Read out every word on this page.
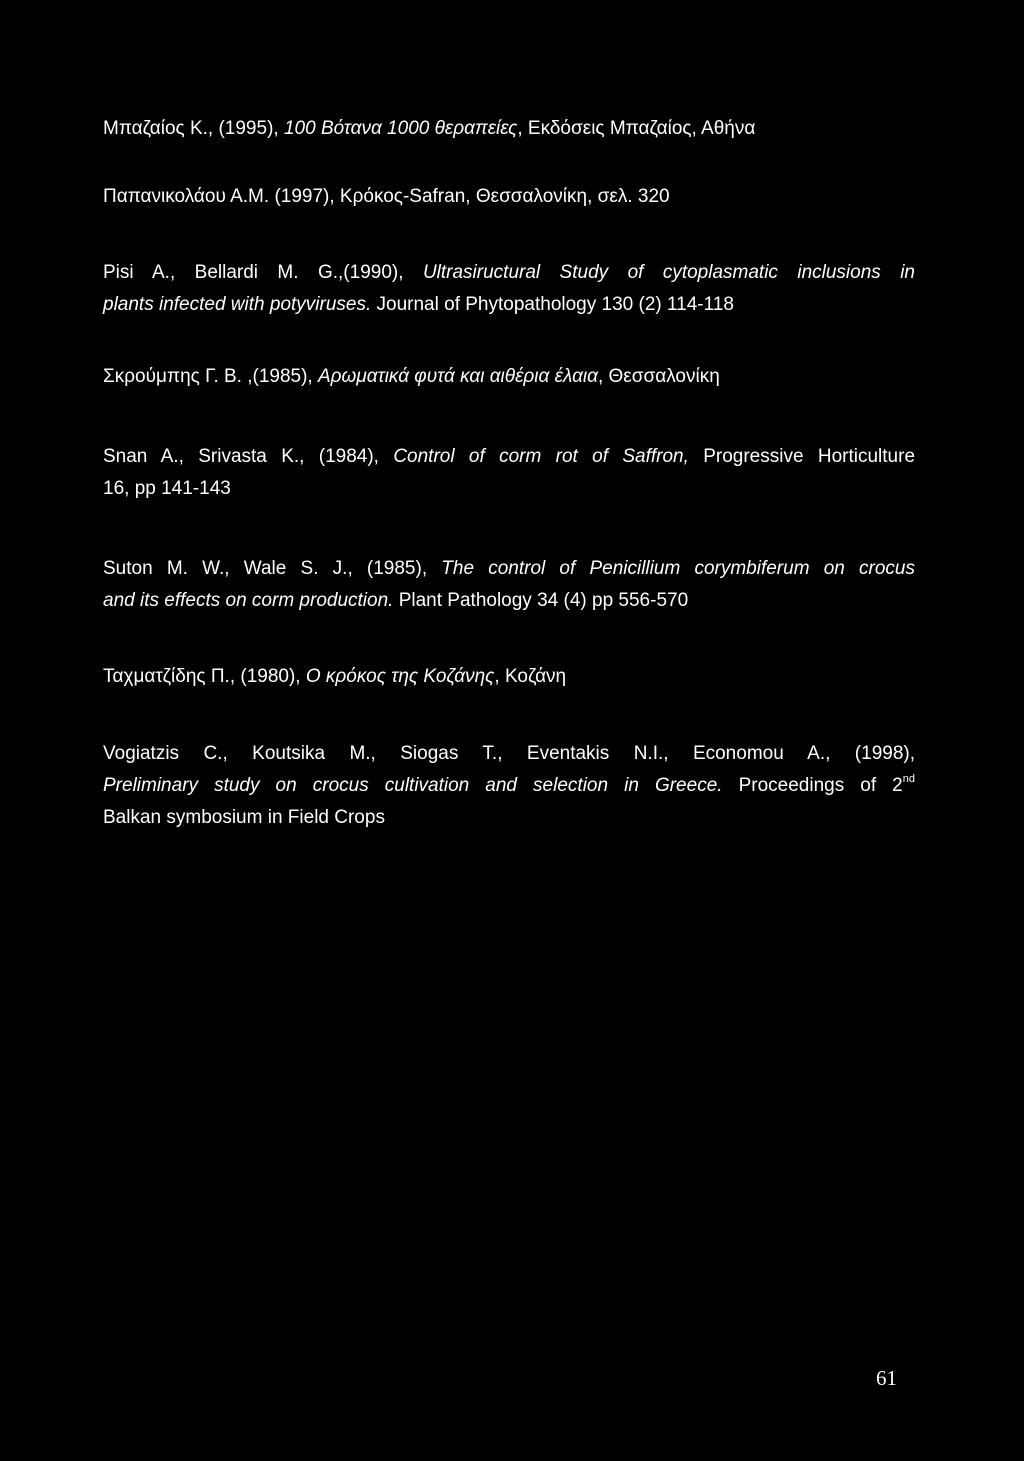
Μπαζαίος Κ., (1995), 100 Βότανα 1000 θεραπείες, Εκδόσεις Μπαζαίος, Αθήνα
Παπανικολάου Α.Μ. (1997), Κρόκος-Safran, Θεσσαλονίκη, σελ. 320
Pisi A., Bellardi M. G.,(1990), Ultrasiructural Study of cytoplasmatic inclusions in
plants infected with potyviruses. Journal of Phytopathology 130 (2) 114-118
Σκρούμπης Γ. Β. ,(1985), Αρωματικά φυτά και αιθέρια έλαια, Θεσσαλονίκη
Snan A., Srivasta K., (1984), Control of corm rot of Saffron, Progressive Horticulture
16, pp 141-143
Suton M. W., Wale S. J., (1985), The control of Penicillium corymbiferum on crocus
and its effects on corm production. Plant Pathology 34 (4) pp 556-570
Ταχματζίδης Π., (1980), Ο κρόκος της Κοζάνης, Κοζάνη
Vogiatzis C., Koutsika M., Siogas T., Eventakis N.I., Economou A., (1998),
Preliminary study on crocus cultivation and selection in Greece. Proceedings of 2nd
Balkan symbosium in Field Crops
61
